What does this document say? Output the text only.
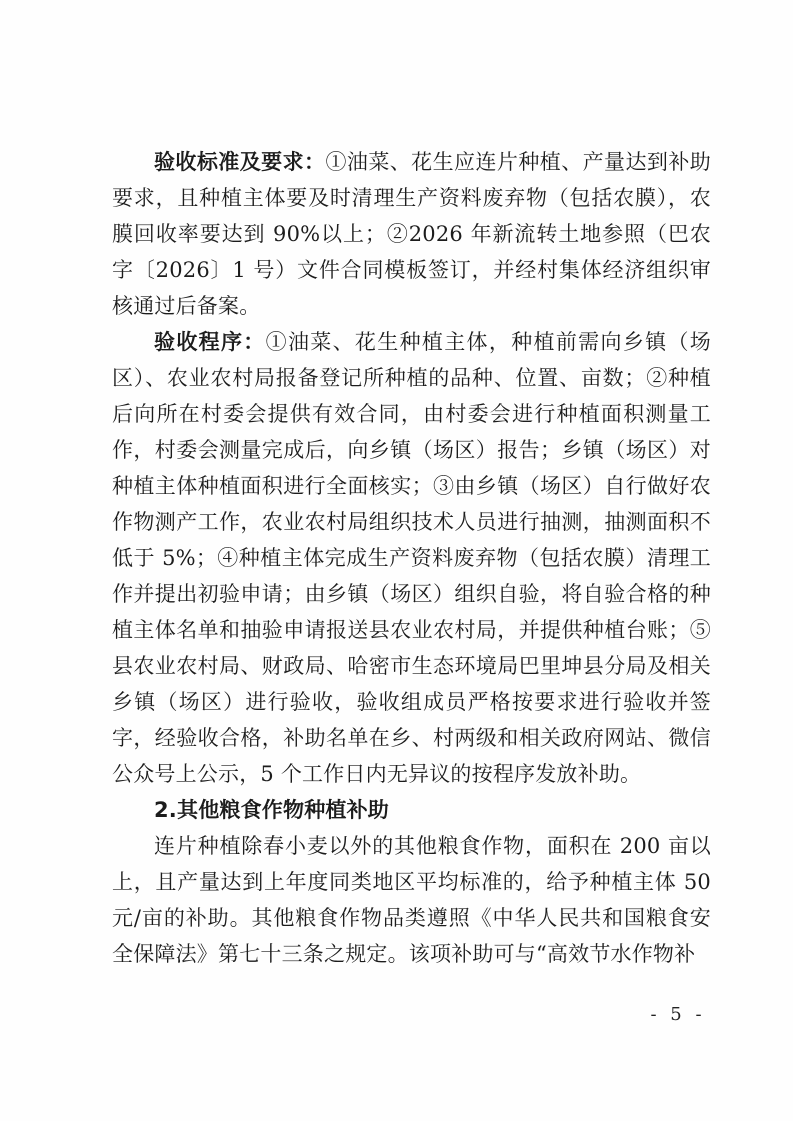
验收标准及要求：①油菜、花生应连片种植、产量达到补助要求，且种植主体要及时清理生产资料废弃物（包括农膜），农膜回收率要达到 90%以上；②2026 年新流转土地参照（巴农字〔2026〕1 号）文件合同模板签订，并经村集体经济组织审核通过后备案。

验收程序：①油菜、花生种植主体，种植前需向乡镇（场区）、农业农村局报备登记所种植的品种、位置、亩数；②种植后向所在村委会提供有效合同，由村委会进行种植面积测量工作，村委会测量完成后，向乡镇（场区）报告；乡镇（场区）对种植主体种植面积进行全面核实；③由乡镇（场区）自行做好农作物测产工作，农业农村局组织技术人员进行抽测，抽测面积不低于 5%；④种植主体完成生产资料废弃物（包括农膜）清理工作并提出初验申请；由乡镇（场区）组织自验，将自验合格的种植主体名单和抽验申请报送县农业农村局，并提供种植台账；⑤县农业农村局、财政局、哈密市生态环境局巴里坤县分局及相关乡镇（场区）进行验收，验收组成员严格按要求进行验收并签字，经验收合格，补助名单在乡、村两级和相关政府网站、微信公众号上公示，5 个工作日内无异议的按程序发放补助。

2.其他粮食作物种植补助

连片种植除春小麦以外的其他粮食作物，面积在 200 亩以上，且产量达到上年度同类地区平均标准的，给予种植主体 50 元/亩的补助。其他粮食作物品类遵照《中华人民共和国粮食安全保障法》第七十三条之规定。该项补助可与“高效节水作物补

- 5 -
